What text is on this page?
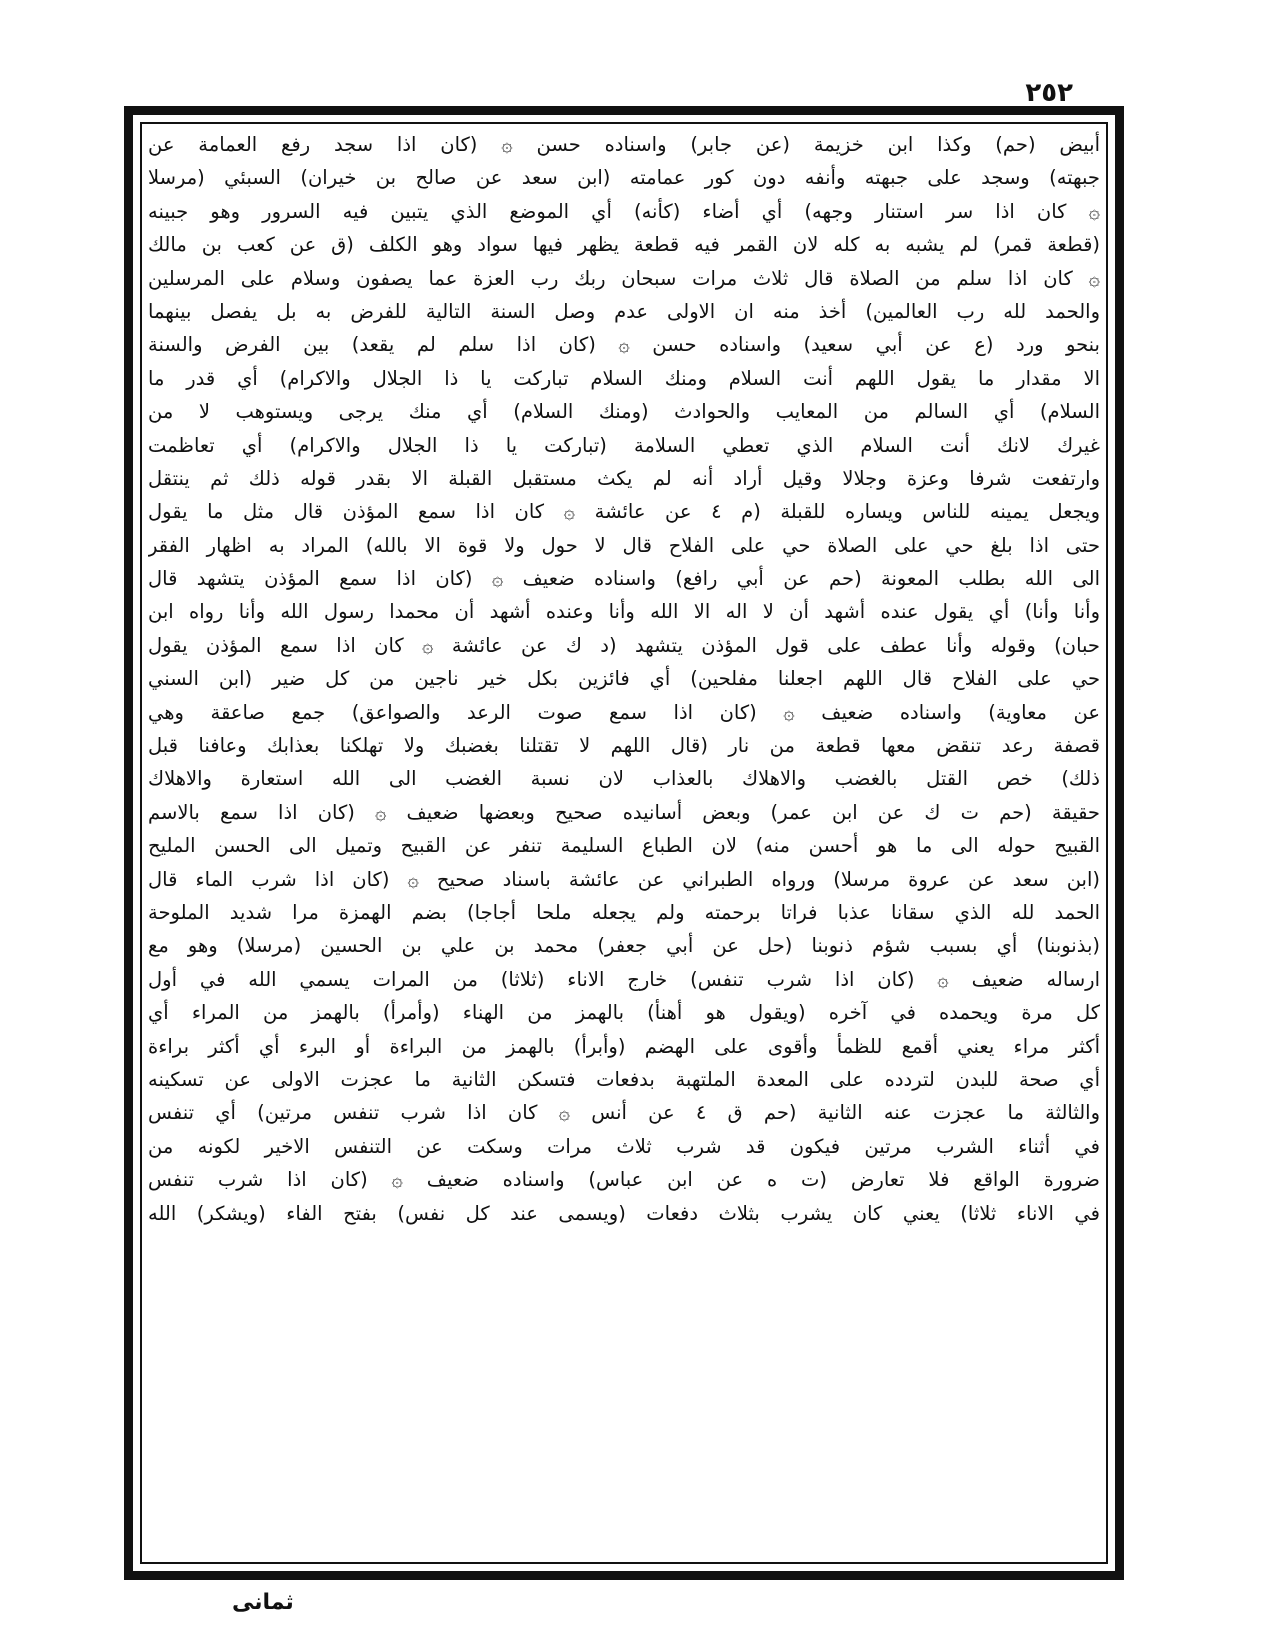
٢٥٢
أبيض (حم) وكذا ابن خزيمة (عن جابر) واسناده حسن ۞ (كان اذا سجد رفع العمامة عن
جبهته) وسجد على جبهته وأنفه دون كور عمامته (ابن سعد عن صالح بن خيران) السبئي (مرسلا
۞ كان اذا سر استنار وجهه) أي أضاء (كأنه) أي الموضع الذي يتبين فيه السرور وهو جبينه
(قطعة قمر) لم يشبه به كله لان القمر فيه قطعة يظهر فيها سواد وهو الكلف (ق عن كعب بن مالك
۞ كان اذا سلم من الصلاة قال ثلاث مرات سبحان ربك رب العزة عما يصفون وسلام على المرسلين
والحمد لله رب العالمين) أخذ منه ان الاولى عدم وصل السنة التالية للفرض به بل يفصل بينهما
بنحو ورد (ع عن أبي سعيد) واسناده حسن ۞ (كان اذا سلم لم يقعد) بين الفرض والسنة
الا مقدار ما يقول اللهم أنت السلام ومنك السلام تباركت يا ذا الجلال والاكرام) أي قدر ما
السلام) أي السالم من المعايب والحوادث (ومنك السلام) أي منك يرجى ويستوهب لا من
غيرك لانك أنت السلام الذي تعطي السلامة (تباركت يا ذا الجلال والاكرام) أي تعاظمت
وارتفعت شرفا وعزة وجلالا وقيل أراد أنه لم يكث مستقبل القبلة الا بقدر قوله ذلك ثم ينتقل
ويجعل يمينه للناس ويساره للقبلة (م ٤ عن عائشة ۞ كان اذا سمع المؤذن قال مثل ما يقول
حتى اذا بلغ حي على الصلاة حي على الفلاح قال لا حول ولا قوة الا بالله) المراد به اظهار الفقر
الى الله بطلب المعونة (حم عن أبي رافع) واسناده ضعيف ۞ (كان اذا سمع المؤذن يتشهد قال
وأنا وأنا) أي يقول عنده أشهد أن لا اله الا الله وأنا وعنده أشهد أن محمدا رسول الله وأنا رواه ابن
حبان) وقوله وأنا عطف على قول المؤذن يتشهد (د ك عن عائشة ۞ كان اذا سمع المؤذن يقول
حي على الفلاح قال اللهم اجعلنا مفلحين) أي فائزين بكل خير ناجين من كل ضير (ابن السني
عن معاوية) واسناده ضعيف ۞ (كان اذا سمع صوت الرعد والصواعق) جمع صاعقة وهي
قصفة رعد تنقض معها قطعة من نار (قال اللهم لا تقتلنا بغضبك ولا تهلكنا بعذابك وعافنا قبل
ذلك) خص القتل بالغضب والاهلاك بالعذاب لان نسبة الغضب الى الله استعارة والاهلاك
حقيقة (حم ت ك عن ابن عمر) وبعض أسانيده صحيح وبعضها ضعيف ۞ (كان اذا سمع بالاسم
القبيح حوله الى ما هو أحسن منه) لان الطباع السليمة تنفر عن القبيح وتميل الى الحسن المليح
(ابن سعد عن عروة مرسلا) ورواه الطبراني عن عائشة باسناد صحيح ۞ (كان اذا شرب الماء قال
الحمد لله الذي سقانا عذبا فراتا برحمته ولم يجعله ملحا أجاجا) بضم الهمزة مرا شديد الملوحة
(بذنوبنا) أي بسبب شؤم ذنوبنا (حل عن أبي جعفر) محمد بن علي بن الحسين (مرسلا) وهو مع
ارساله ضعيف ۞ (كان اذا شرب تنفس) خارج الاناء (ثلاثا) من المرات يسمي الله في أول
كل مرة ويحمده في آخره (ويقول هو أهنأ) بالهمز من الهناء (وأمرأ) بالهمز من المراء أي
أكثر مراء يعني أقمع للظمأ وأقوى على الهضم (وأبرأ) بالهمز من البراءة أو البرء أي أكثر براءة
أي صحة للبدن لتردده على المعدة الملتهبة بدفعات فتسكن الثانية ما عجزت الاولى عن تسكينه
والثالثة ما عجزت عنه الثانية (حم ق ٤ عن أنس ۞ كان اذا شرب تنفس مرتين) أي تنفس
في أثناء الشرب مرتين فيكون قد شرب ثلاث مرات وسكت عن التنفس الاخير لكونه من
ضرورة الواقع فلا تعارض (ت ه عن ابن عباس) واسناده ضعيف ۞ (كان اذا شرب تنفس
في الاناء ثلاثا) يعني كان يشرب بثلاث دفعات (ويسمى عند كل نفس) بفتح الفاء (ويشكر) الله
ثمانى
